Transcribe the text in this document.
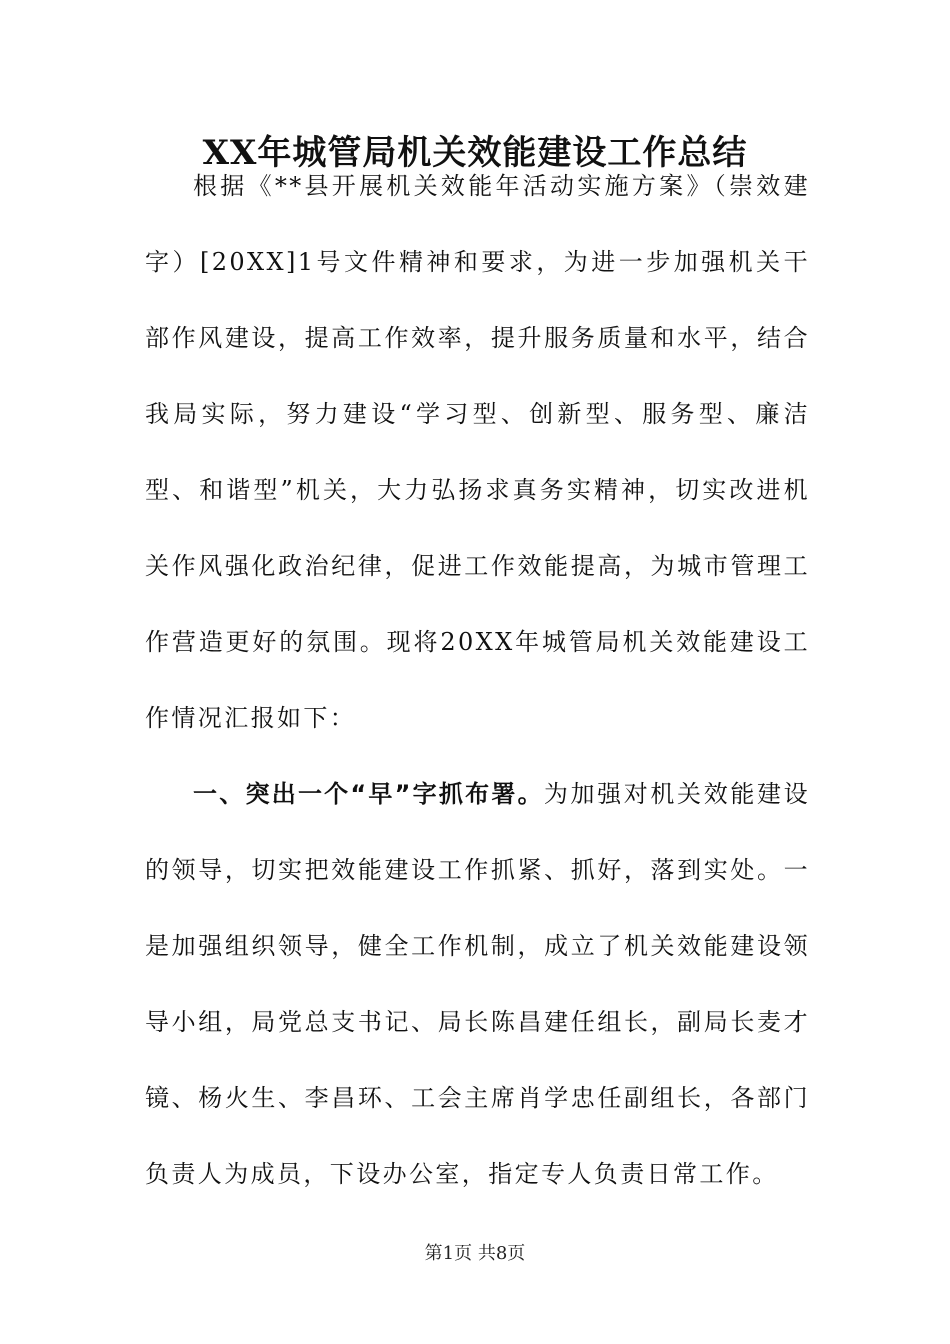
XX年城管局机关效能建设工作总结

根据《**县开展机关效能年活动实施方案》（崇效建字）[20XX]1号文件精神和要求，为进一步加强机关干部作风建设，提高工作效率，提升服务质量和水平，结合我局实际，努力建设“学习型、创新型、服务型、廉洁型、和谐型”机关，大力弘扬求真务实精神，切实改进机关作风强化政治纪律，促进工作效能提高，为城市管理工作营造更好的氛围。现将20XX年城管局机关效能建设工作情况汇报如下：

一、突出一个“早”字抓布署。为加强对机关效能建设的领导，切实把效能建设工作抓紧、抓好，落到实处。一是加强组织领导，健全工作机制，成立了机关效能建设领导小组，局党总支书记、局长陈昌建任组长，副局长麦才镜、杨火生、李昌环、工会主席肖学忠任副组长，各部门负责人为成员，下设办公室，指定专人负责日常工作。

第1页 共8页
